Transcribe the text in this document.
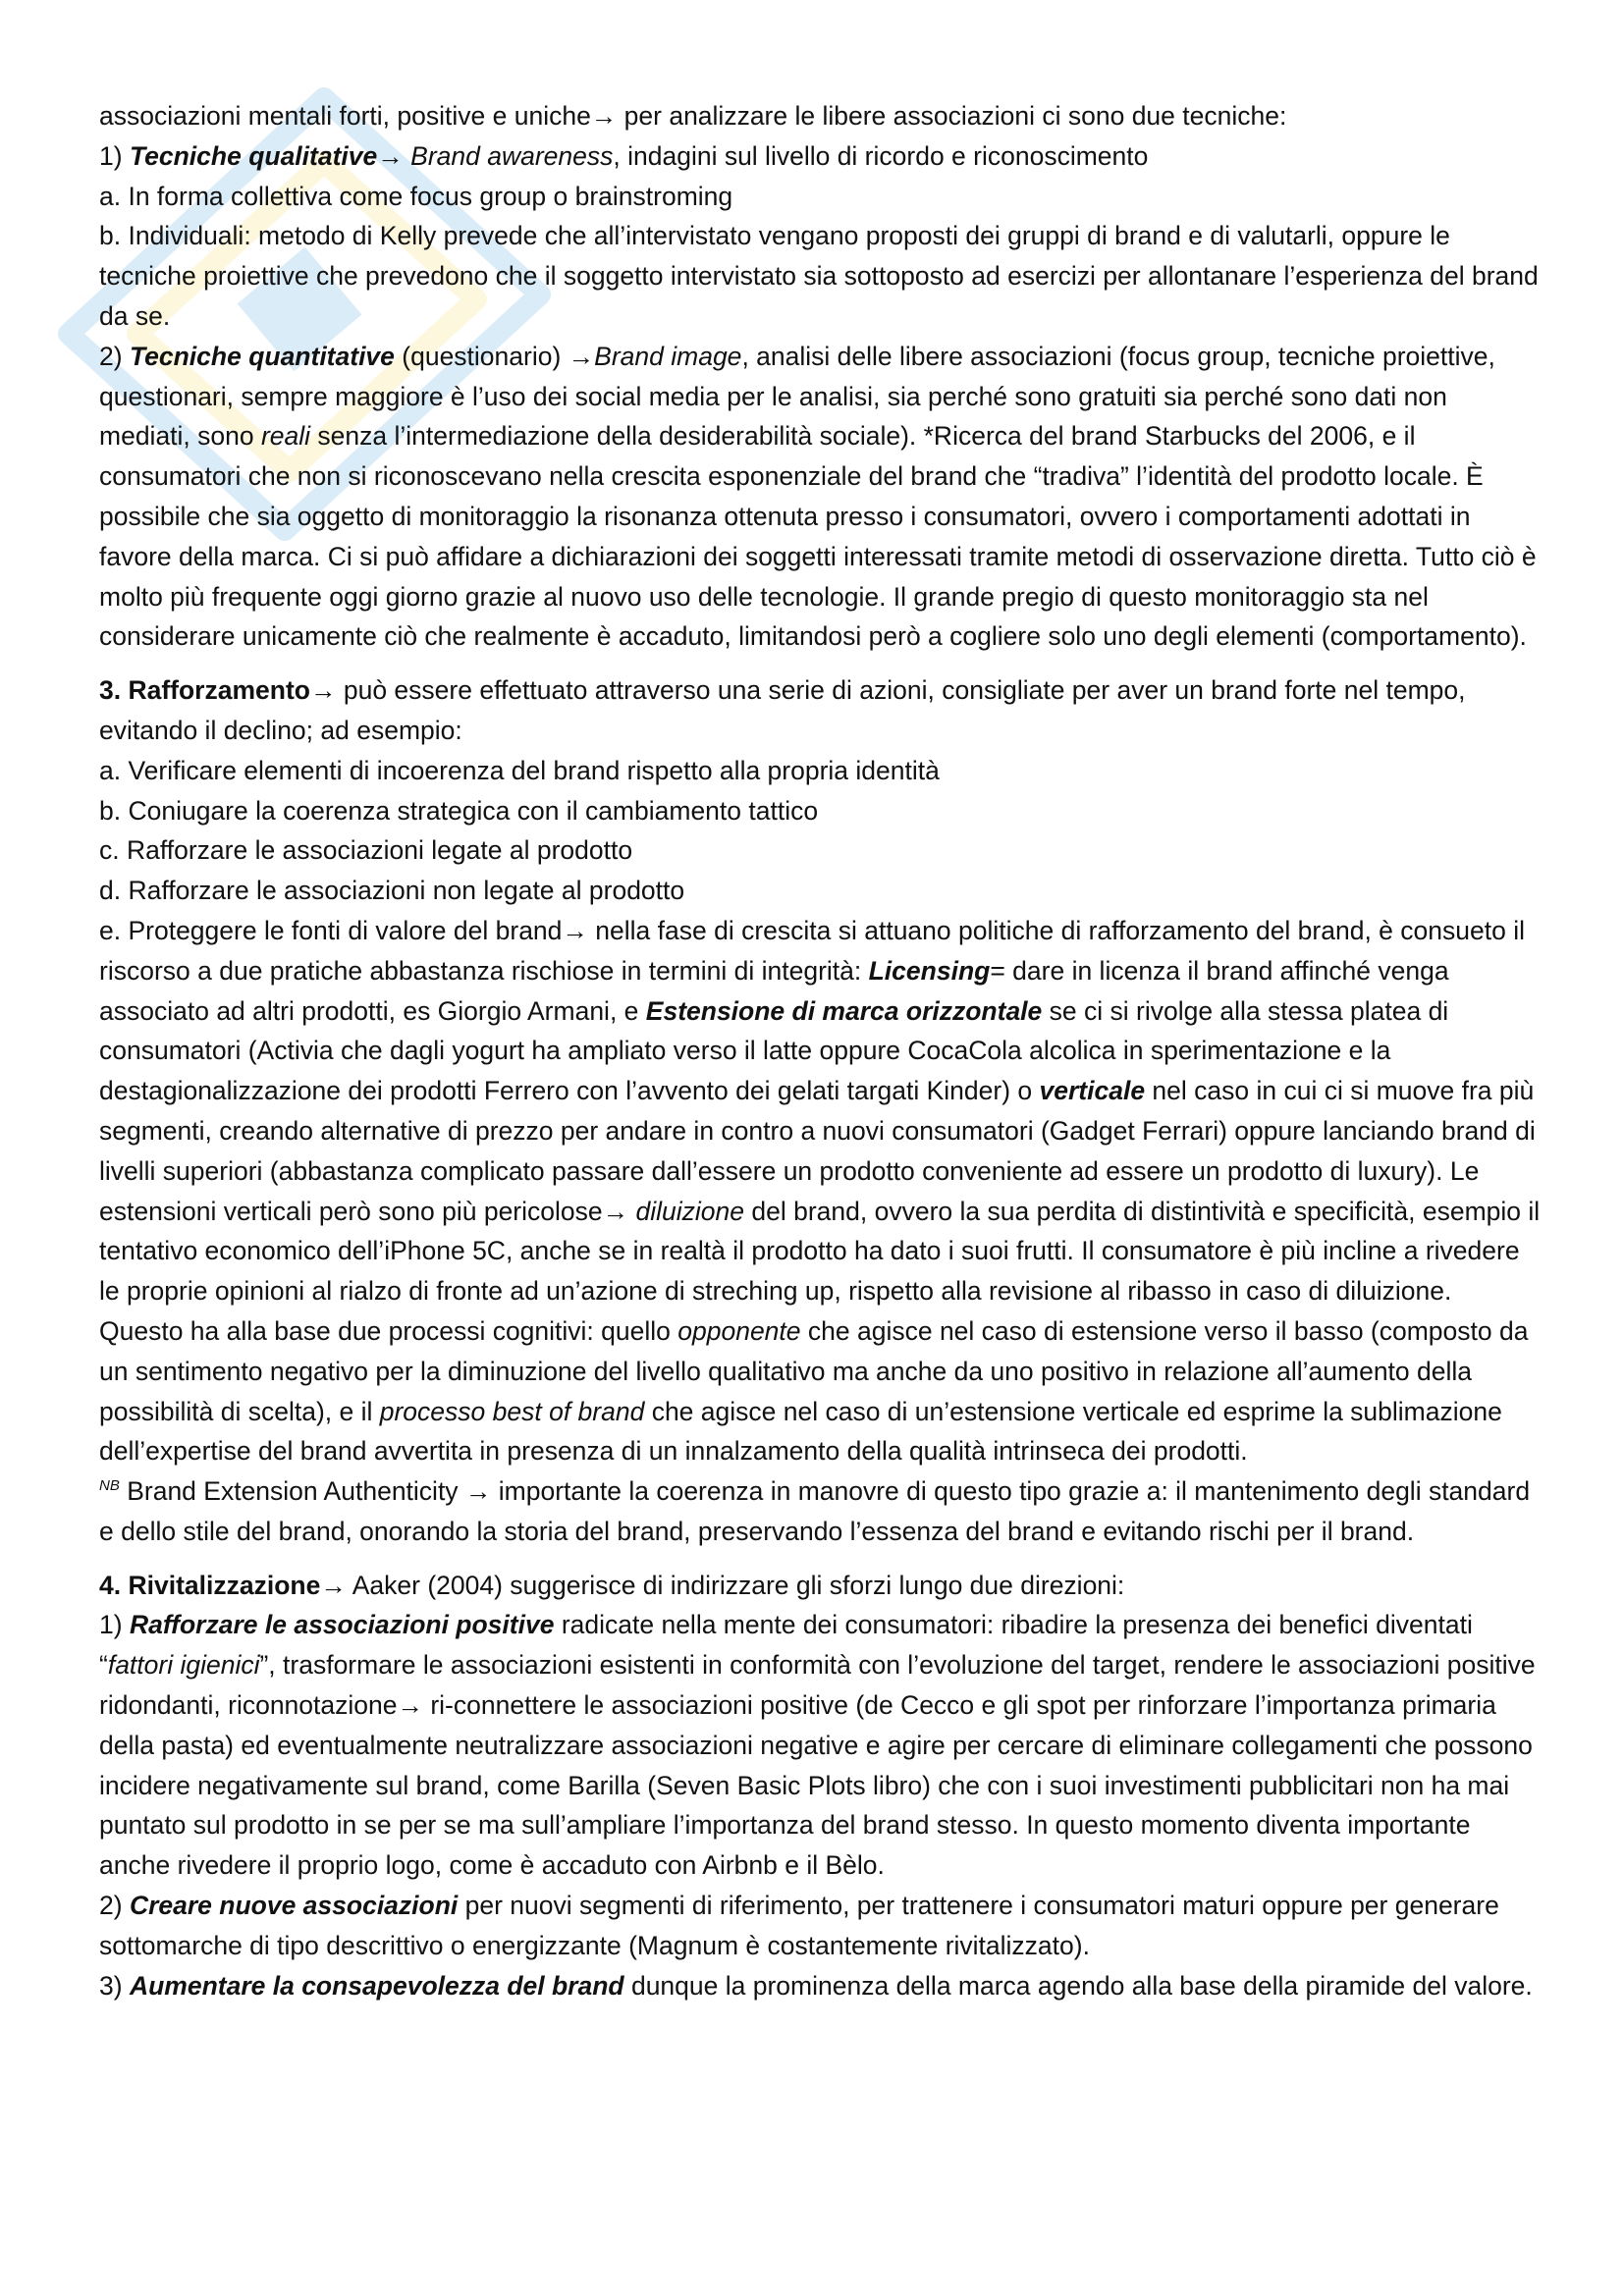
associazioni mentali forti, positive e uniche→ per analizzare le libere associazioni ci sono due tecniche:

1) Tecniche qualitative→ Brand awareness, indagini sul livello di ricordo e riconoscimento

a. In forma collettiva come focus group o brainstroming

b. Individuali: metodo di Kelly prevede che all’intervistato vengano proposti dei gruppi di brand e di valutarli, oppure le tecniche proiettive che prevedono che il soggetto intervistato sia sottoposto ad esercizi per allontanare l’esperienza del brand da se.

2) Tecniche quantitative (questionario) →Brand image, analisi delle libere associazioni (focus group, tecniche proiettive, questionari, sempre maggiore è l’uso dei social media per le analisi, sia perché sono gratuiti sia perché sono dati non mediati, sono reali senza l’intermediazione della desiderabilità sociale). *Ricerca del brand Starbucks del 2006, e il consumatori che non si riconoscevano nella crescita esponenziale del brand che “tradiva” l’identità del prodotto locale. È possibile che sia oggetto di monitoraggio la risonanza ottenuta presso i consumatori, ovvero i comportamenti adottati in favore della marca. Ci si può affidare a dichiarazioni dei soggetti interessati tramite metodi di osservazione diretta. Tutto ciò è molto più frequente oggi giorno grazie al nuovo uso delle tecnologie. Il grande pregio di questo monitoraggio sta nel considerare unicamente ciò che realmente è accaduto, limitandosi però a cogliere solo uno degli elementi (comportamento).

3. Rafforzamento→ può essere effettuato attraverso una serie di azioni, consigliate per aver un brand forte nel tempo, evitando il declino; ad esempio:

a. Verificare elementi di incoerenza del brand rispetto alla propria identità

b. Coniugare la coerenza strategica con il cambiamento tattico

c. Rafforzare le associazioni legate al prodotto

d. Rafforzare le associazioni non legate al prodotto

e. Proteggere le fonti di valore del brand→ nella fase di crescita si attuano politiche di rafforzamento del brand, è consueto il riscorso a due pratiche abbastanza rischiose in termini di integrità: Licensing= dare in licenza il brand affinché venga associato ad altri prodotti, es Giorgio Armani, e Estensione di marca orizzontale se ci si rivolge alla stessa platea di consumatori (Activia che dagli yogurt ha ampliato verso il latte oppure CocaCola alcolica in sperimentazione e la destagionalizzazione dei prodotti Ferrero con l’avvento dei gelati targati Kinder) o verticale nel caso in cui ci si muove fra più segmenti, creando alternative di prezzo per andare in contro a nuovi consumatori (Gadget Ferrari) oppure lanciando brand di livelli superiori (abbastanza complicato passare dall’essere un prodotto conveniente ad essere un prodotto di luxury). Le estensioni verticali però sono più pericolose→ diluizione del brand, ovvero la sua perdita di distintività e specificità, esempio il tentativo economico dell’iPhone 5C, anche se in realtà il prodotto ha dato i suoi frutti. Il consumatore è più incline a rivedere le proprie opinioni al rialzo di fronte ad un’azione di streching up, rispetto alla revisione al ribasso in caso di diluizione. Questo ha alla base due processi cognitivi: quello opponente che agisce nel caso di estensione verso il basso (composto da un sentimento negativo per la diminuzione del livello qualitativo ma anche da uno positivo in relazione all’aumento della possibilità di scelta), e il processo best of brand che agisce nel caso di un’estensione verticale ed esprime la sublimazione dell’expertise del brand avvertita in presenza di un innalzamento della qualità intrinseca dei prodotti.

$^{NB}$ Brand Extension Authenticity → importante la coerenza in manovre di questo tipo grazie a: il mantenimento degli standard e dello stile del brand, onorando la storia del brand, preservando l’essenza del brand e evitando rischi per il brand.

4. Rivitalizzazione→ Aaker (2004) suggerisce di indirizzare gli sforzi lungo due direzioni:

1) Rafforzare le associazioni positive radicate nella mente dei consumatori: ribadire la presenza dei benefici diventati “fattori igienici”, trasformare le associazioni esistenti in conformità con l’evoluzione del target, rendere le associazioni positive ridondanti, riconnotazione→ ri-connettere le associazioni positive (de Cecco e gli spot per rinforzare l’importanza primaria della pasta) ed eventualmente neutralizzare associazioni negative e agire per cercare di eliminare collegamenti che possono incidere negativamente sul brand, come Barilla (Seven Basic Plots libro) che con i suoi investimenti pubblicitari non ha mai puntato sul prodotto in se per se ma sull’ampliare l’importanza del brand stesso. In questo momento diventa importante anche rivedere il proprio logo, come è accaduto con Airbnb e il Bèlo.

2) Creare nuove associazioni per nuovi segmenti di riferimento, per trattenere i consumatori maturi oppure per generare sottomarche di tipo descrittivo o energizzante (Magnum è costantemente rivitalizzato).

3) Aumentare la consapevolezza del brand dunque la prominenza della marca agendo alla base della piramide del valore.
